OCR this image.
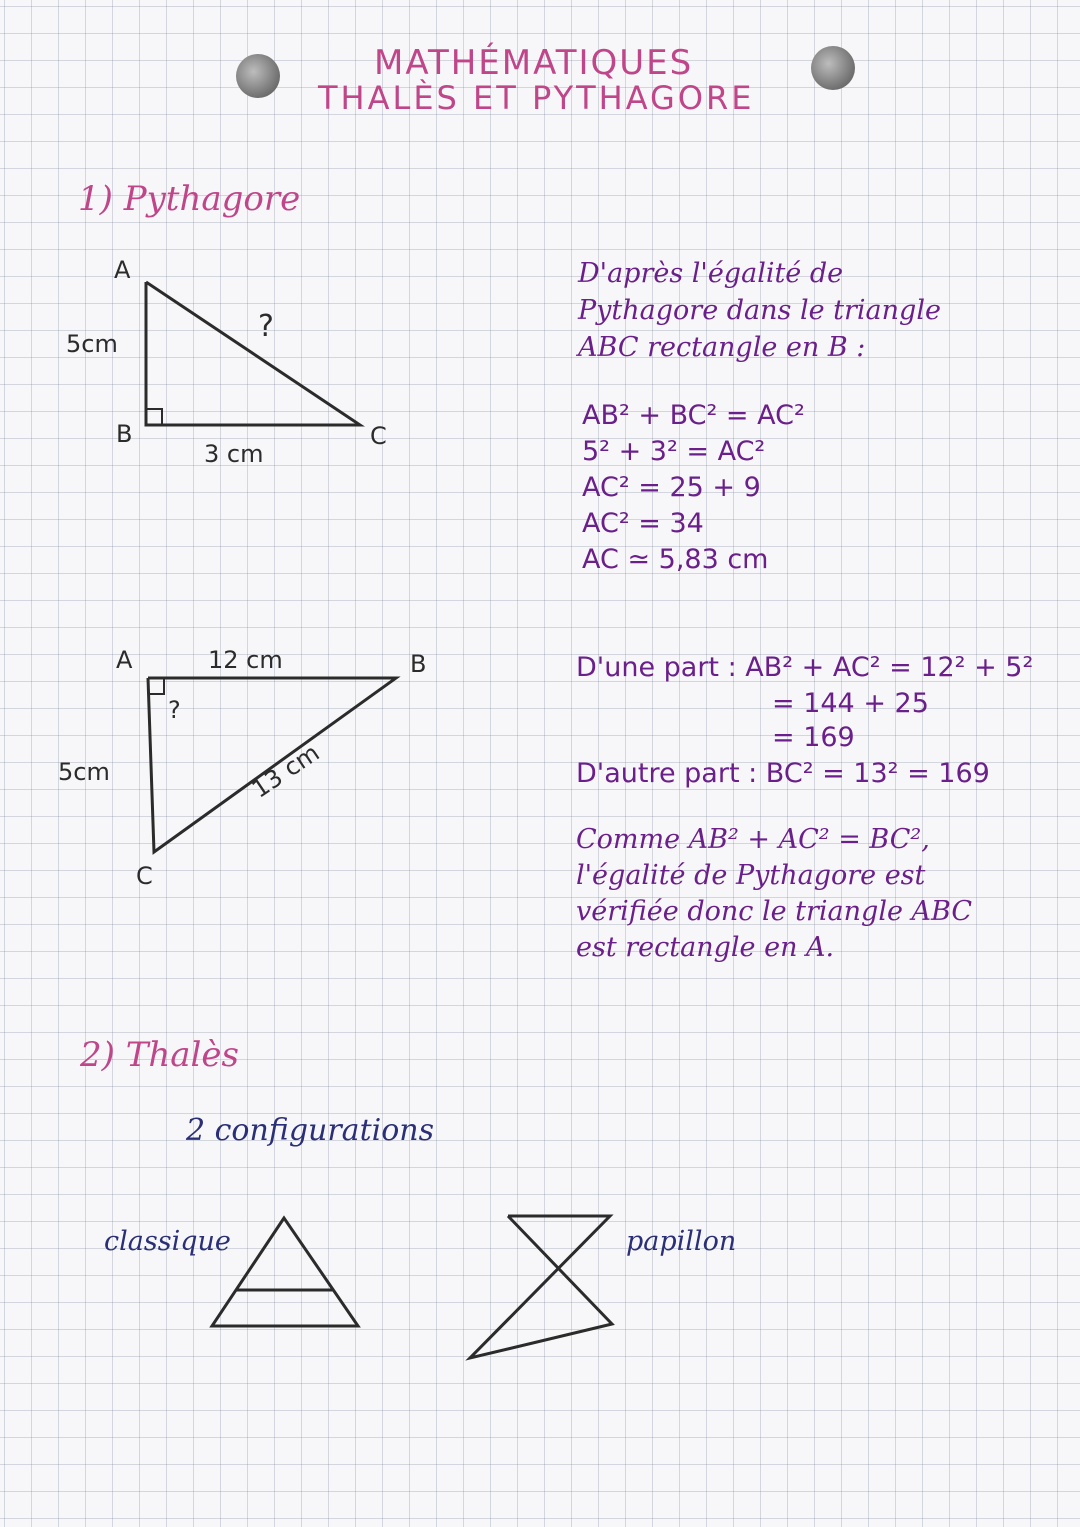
MATHÉMATIQUES
THALÈS ET PYTHAGORE
1) Pythagore
A
B	C
5cm
3 cm
?
D'après l'égalité de
Pythagore dans le triangle
ABC rectangle en B :
AB² + BC² = AC²
5² + 3² = AC²
AC² = 25 + 9
AC² = 34
AC ≃ 5,83 cm
A	B
C
12 cm
5cm	13 cm
?
D'une part : AB² + AC² = 12² + 5²
= 144 + 25
= 169
D'autre part : BC² = 13² = 169
Comme AB² + AC² = BC²,
l'égalité de Pythagore est
vérifiée donc le triangle ABC
est rectangle en A.
2) Thalès
2 configurations
classique	papillon
